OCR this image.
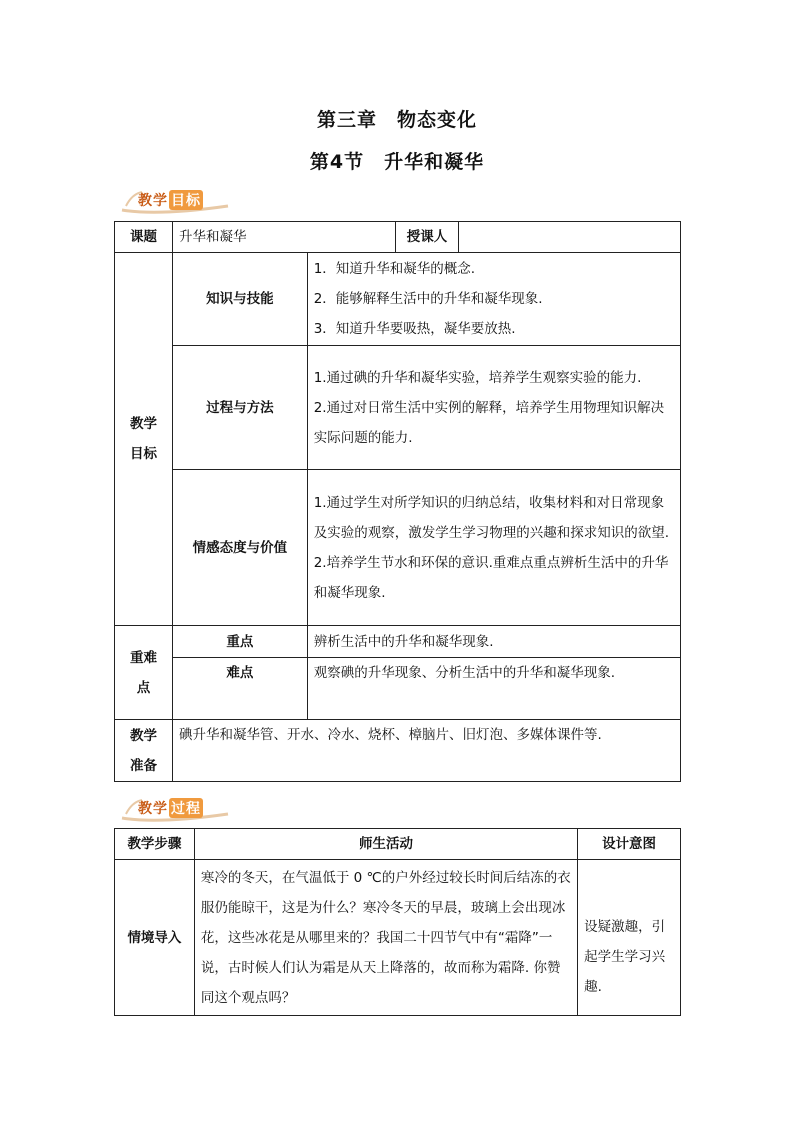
第三章　物态变化
第4节　升华和凝华
教学 目标
课题	升华和凝华		授课人	
教学目标	知识与技能	1．知道升华和凝华的概念.
2．能够解释生活中的升华和凝华现象.
3．知道升华要吸热，凝华要放热.		

	过程与方法	1.通过碘的升华和凝华实验，培养学生观察实验的能力.
2.通过对日常生活中实例的解释，培养学生用物理知识解决实际问题的能力.		

	情感态度与价值	1.通过学生对所学知识的归纳总结，收集材料和对日常现象及实验的观察，激发学生学习物理的兴趣和探求知识的欲望.
2.培养学生节水和环保的意识.重难点重点辨析生活中的升华和凝华现象.		

重难点	重点	辨析生活中的升华和凝华现象.		
	难点	观察碘的升华现象、分析生活中的升华和凝华现象.		
教学准备	碘升华和凝华管、开水、冷水、烧杯、樟脑片、旧灯泡、多媒体课件等.			
教学 过程
教学步骤	师生活动	设计意图
情境导入	寒冷的冬天，在气温低于 0 ℃的户外经过较长时间后结冻的衣服仍能晾干，这是为什么？寒冷冬天的早晨，玻璃上会出现冰花，这些冰花是从哪里来的？我国二十四节气中有“霜降”一说，古时候人们认为霜是从天上降落的，故而称为霜降. 你赞同这个观点吗？	设疑激趣，引起学生学习兴趣.
